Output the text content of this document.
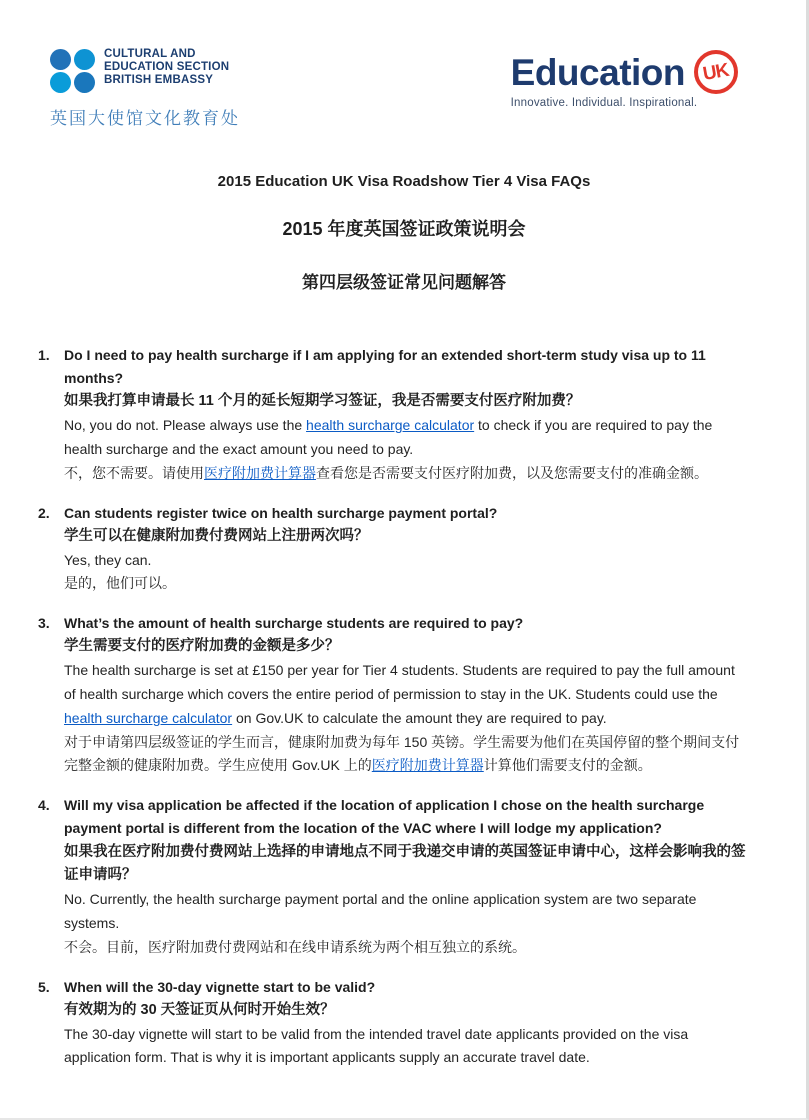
CULTURAL AND
EDUCATION SECTION
BRITISH EMBASSY
英国大使馆文化教育处
Education UK
Innovative. Individual. Inspirational.
2015 Education UK Visa Roadshow Tier 4 Visa FAQs
2015 年度英国签证政策说明会
第四层级签证常见问题解答
1.	Do I need to pay health surcharge if I am applying for an extended short-term study visa up to 11 months?
如果我打算申请最长 11 个月的延长短期学习签证，我是否需要支付医疗附加费？

No, you do not. Please always use the health surcharge calculator to check if you are required to pay the health surcharge and the exact amount you need to pay.

不，您不需要。请使用医疗附加费计算器查看您是否需要支付医疗附加费，以及您需要支付的准确金额。

2.	Can students register twice on health surcharge payment portal?
学生可以在健康附加费付费网站上注册两次吗？

Yes, they can.

是的，他们可以。

3.	What’s the amount of health surcharge students are required to pay?
学生需要支付的医疗附加费的金额是多少？

The health surcharge is set at £150 per year for Tier 4 students. Students are required to pay the full amount of health surcharge which covers the entire period of permission to stay in the UK. Students could use the health surcharge calculator on Gov.UK to calculate the amount they are required to pay.

对于申请第四层级签证的学生而言，健康附加费为每年 150 英镑。学生需要为他们在英国停留的整个期间支付完整金额的健康附加费。学生应使用 Gov.UK 上的医疗附加费计算器计算他们需要支付的金额。

4.	Will my visa application be affected if the location of application I chose on the health surcharge payment portal is different from the location of the VAC where I will lodge my application?
如果我在医疗附加费付费网站上选择的申请地点不同于我递交申请的英国签证申请中心，这样会影响我的签证申请吗？

No. Currently, the health surcharge payment portal and the online application system are two separate systems.

不会。目前，医疗附加费付费网站和在线申请系统为两个相互独立的系统。

5.	When will the 30-day vignette start to be valid?
有效期为的 30 天签证页从何时开始生效？

The 30-day vignette will start to be valid from the intended travel date applicants provided on the visa application form. That is why it is important applicants supply an accurate travel date.
